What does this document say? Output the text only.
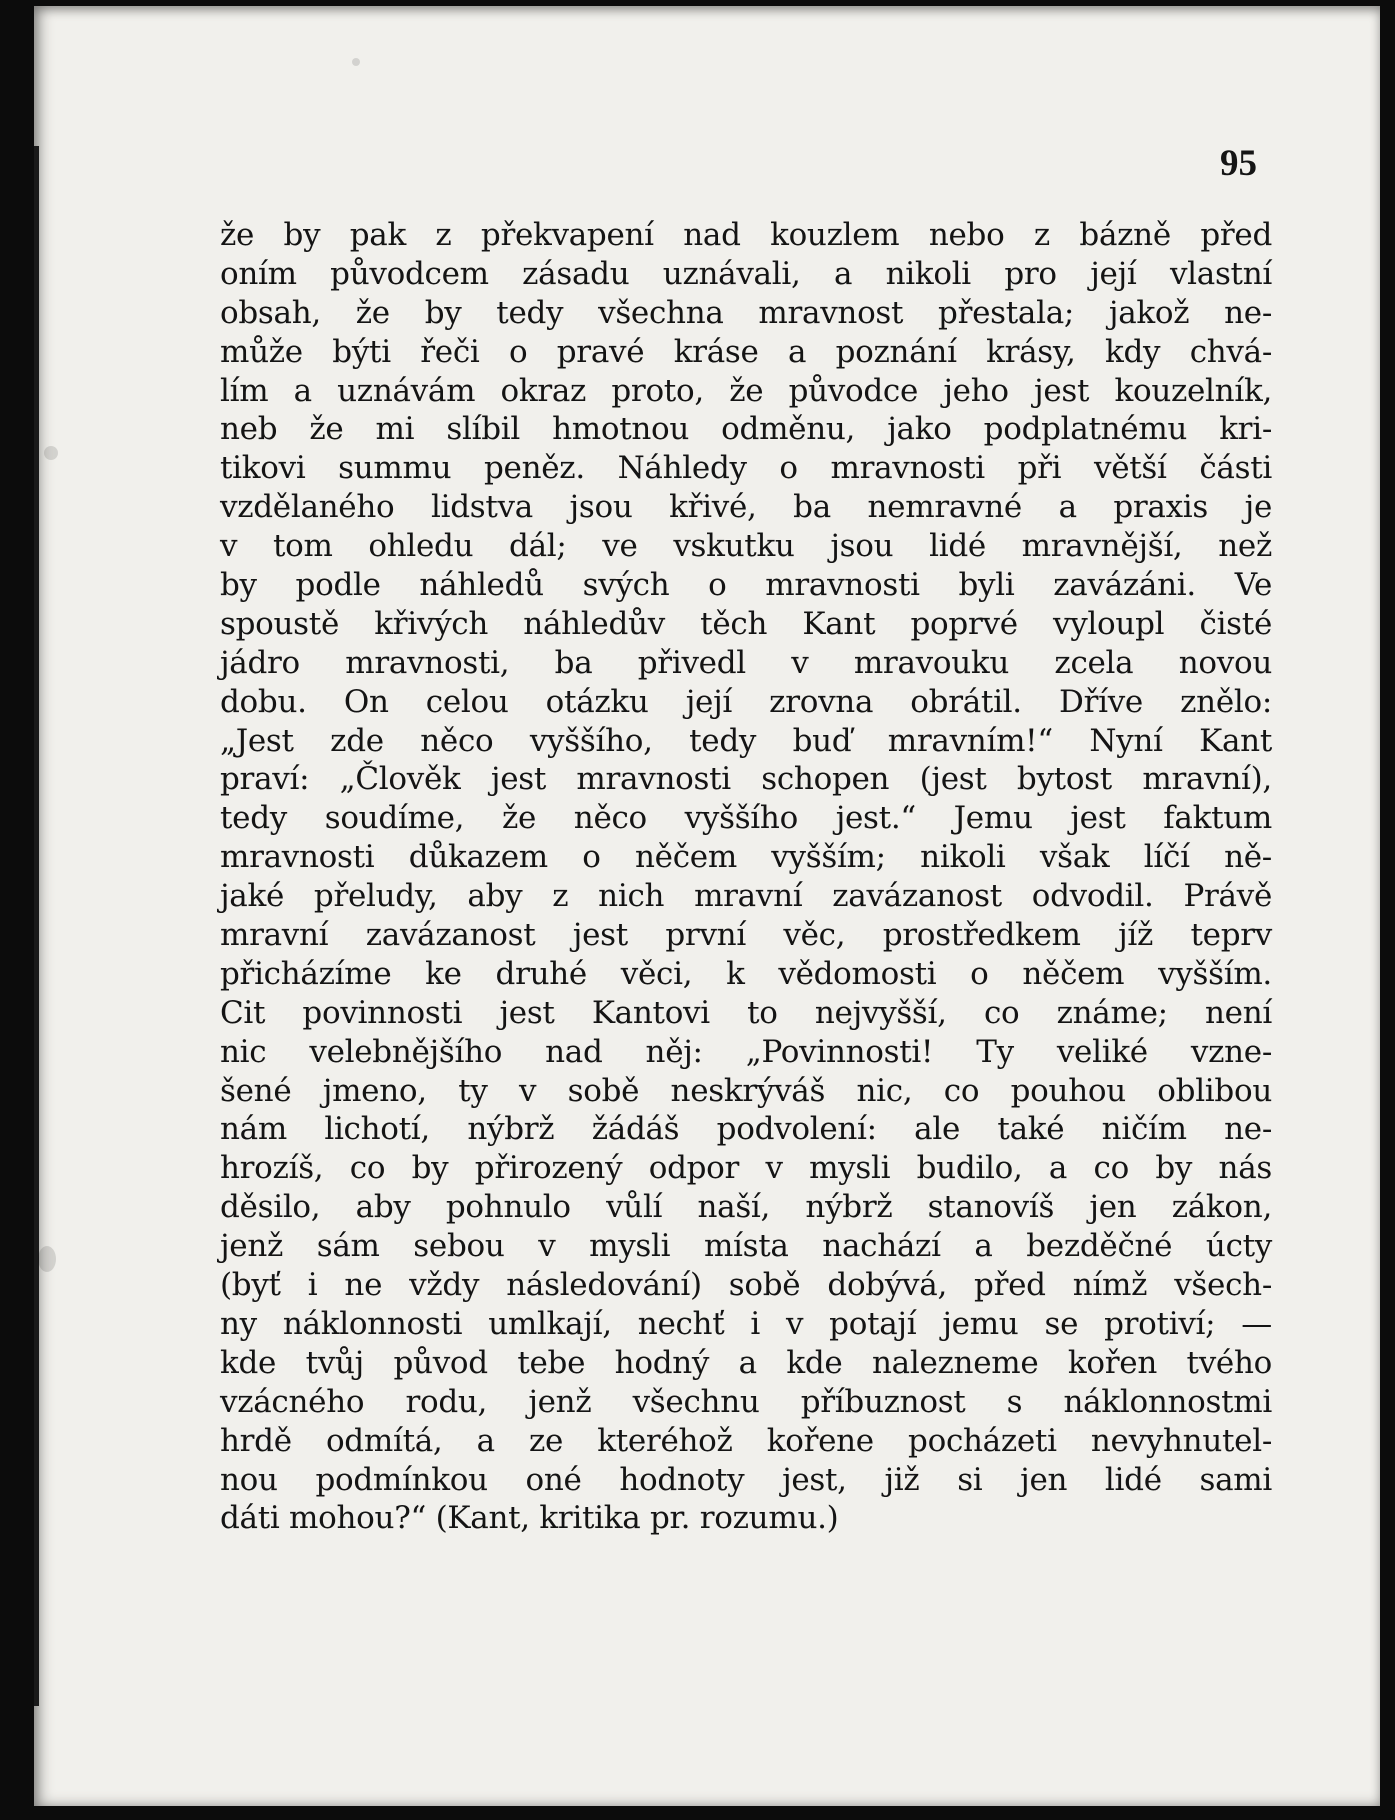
95
že by pak z překvapení nad kouzlem nebo z bázně před
oním původcem zásadu uznávali, a nikoli pro její vlastní
obsah, že by tedy všechna mravnost přestala; jakož ne-
může býti řeči o pravé kráse a poznání krásy, kdy chvá-
lím a uznávám okraz proto, že původce jeho jest kouzelník,
neb že mi slíbil hmotnou odměnu, jako podplatnému kri-
tikovi summu peněz. Náhledy o mravnosti při větší části
vzdělaného lidstva jsou křivé, ba nemravné a praxis je
v tom ohledu dál; ve vskutku jsou lidé mravnější, než
by podle náhledů svých o mravnosti byli zavázáni. Ve
spoustě křivých náhledův těch Kant poprvé vyloupl čisté
jádro mravnosti, ba přivedl v mravouku zcela novou
dobu. On celou otázku její zrovna obrátil. Dříve znělo:
„Jest zde něco vyššího, tedy buď mravním!“ Nyní Kant
praví: „Člověk jest mravnosti schopen (jest bytost mravní),
tedy soudíme, že něco vyššího jest.“ Jemu jest faktum
mravnosti důkazem o něčem vyšším; nikoli však líčí ně-
jaké přeludy, aby z nich mravní zavázanost odvodil. Právě
mravní zavázanost jest první věc, prostředkem jíž teprv
přicházíme ke druhé věci, k vědomosti o něčem vyšším.
Cit povinnosti jest Kantovi to nejvyšší, co známe; není
nic velebnějšího nad něj: „Povinnosti! Ty veliké vzne-
šené jmeno, ty v sobě neskrýváš nic, co pouhou oblibou
nám lichotí, nýbrž žádáš podvolení: ale také ničím ne-
hrozíš, co by přirozený odpor v mysli budilo, a co by nás
děsilo, aby pohnulo vůlí naší, nýbrž stanovíš jen zákon,
jenž sám sebou v mysli místa nachází a bezděčné úcty
(byť i ne vždy následování) sobě dobývá, před nímž všech-
ny náklonnosti umlkají, nechť i v potají jemu se protiví; —
kde tvůj původ tebe hodný a kde nalezneme kořen tvého
vzácného rodu, jenž všechnu příbuznost s náklonnostmi
hrdě odmítá, a ze kteréhož kořene pocházeti nevyhnutel-
nou podmínkou oné hodnoty jest, již si jen lidé sami
dáti mohou?“ (Kant, kritika pr. rozumu.)
